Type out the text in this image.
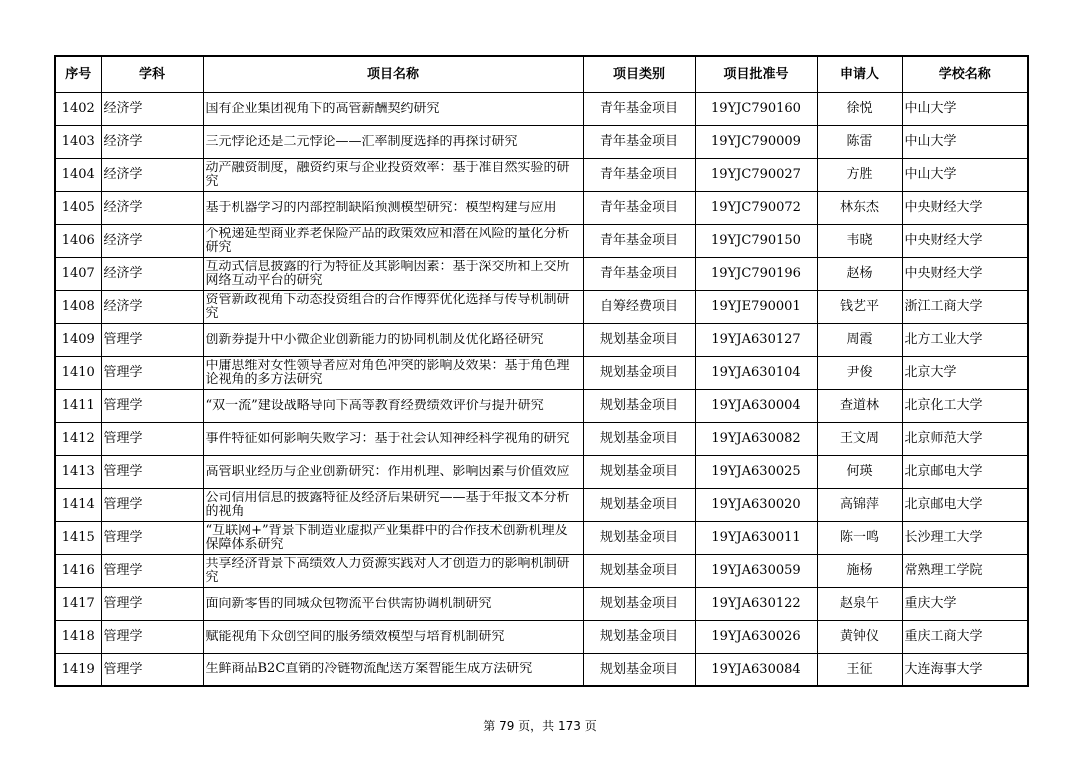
序号	学科	项目名称	项目类别	项目批准号	申请人	学校名称
1402	经济学	国有企业集团视角下的高管薪酬契约研究	青年基金项目	19YJC790160	徐悦	中山大学
1403	经济学	三元悖论还是二元悖论——汇率制度选择的再探讨研究	青年基金项目	19YJC790009	陈雷	中山大学
1404	经济学	动产融资制度，融资约束与企业投资效率：基于准自然实验的研究	青年基金项目	19YJC790027	方胜	中山大学
1405	经济学	基于机器学习的内部控制缺陷预测模型研究：模型构建与应用	青年基金项目	19YJC790072	林东杰	中央财经大学
1406	经济学	个税递延型商业养老保险产品的政策效应和潜在风险的量化分析研究	青年基金项目	19YJC790150	韦晓	中央财经大学
1407	经济学	互动式信息披露的行为特征及其影响因素：基于深交所和上交所网络互动平台的研究	青年基金项目	19YJC790196	赵杨	中央财经大学
1408	经济学	资管新政视角下动态投资组合的合作博弈优化选择与传导机制研究	自筹经费项目	19YJE790001	钱艺平	浙江工商大学
1409	管理学	创新券提升中小微企业创新能力的协同机制及优化路径研究	规划基金项目	19YJA630127	周霞	北方工业大学
1410	管理学	中庸思维对女性领导者应对角色冲突的影响及效果：基于角色理论视角的多方法研究	规划基金项目	19YJA630104	尹俊	北京大学
1411	管理学	“双一流”建设战略导向下高等教育经费绩效评价与提升研究	规划基金项目	19YJA630004	查道林	北京化工大学
1412	管理学	事件特征如何影响失败学习：基于社会认知神经科学视角的研究	规划基金项目	19YJA630082	王文周	北京师范大学
1413	管理学	高管职业经历与企业创新研究：作用机理、影响因素与价值效应	规划基金项目	19YJA630025	何瑛	北京邮电大学
1414	管理学	公司信用信息的披露特征及经济后果研究——基于年报文本分析的视角	规划基金项目	19YJA630020	高锦萍	北京邮电大学
1415	管理学	“互联网+”背景下制造业虚拟产业集群中的合作技术创新机理及保障体系研究	规划基金项目	19YJA630011	陈一鸣	长沙理工大学
1416	管理学	共享经济背景下高绩效人力资源实践对人才创造力的影响机制研究	规划基金项目	19YJA630059	施杨	常熟理工学院
1417	管理学	面向新零售的同城众包物流平台供需协调机制研究	规划基金项目	19YJA630122	赵泉午	重庆大学
1418	管理学	赋能视角下众创空间的服务绩效模型与培育机制研究	规划基金项目	19YJA630026	黄钟仪	重庆工商大学
1419	管理学	生鲜商品B2C直销的冷链物流配送方案智能生成方法研究	规划基金项目	19YJA630084	王征	大连海事大学
第 79 页，共 173 页
